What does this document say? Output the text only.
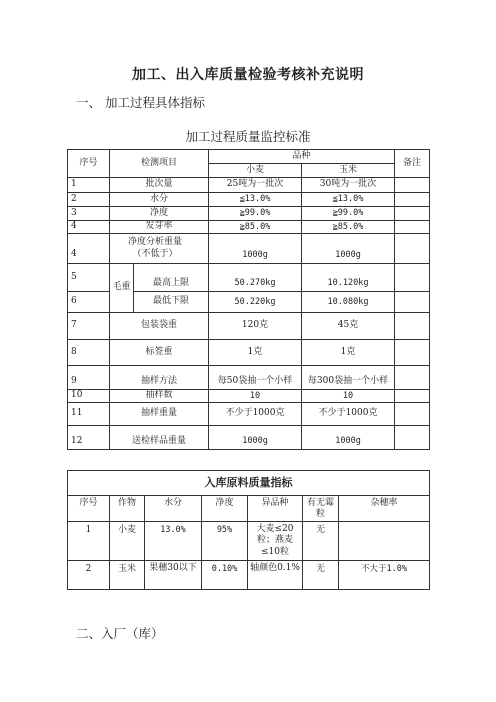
加工、出入库质量检验考核补充说明
一、 加工过程具体指标
加工过程质量监控标准
序号	检测项目		品种		备注
			小麦	玉米	
1	批次量		25吨为一批次	30吨为一批次	
2	水分		≦13.0%	≦13.0%	
3	净度		≧99.0%	≧99.0%	
4	发芽率		≧85.0%	≧85.0%	
4	净度分析重量（不低于）		1000g	1000g	
5	毛重	最高上限	50.270kg	10.120kg	
6		最低下限	50.220kg	10.080kg	
7	包装袋重		120克	45克	
8	标签重		1克	1克	
9	抽样方法		每50袋抽一个小样	每300袋抽一个小样	
10	抽样数		10	10	
11	抽样重量		不少于1000克	不少于1000克	
12	送检样品重量		1000g	1000g	
入库原料质量指标						
序号	作物	水分	净度	异品种	有无霉粒	杂穗率
1	小麦	13.0%	95%	大麦≤20粒；燕麦≤10粒	无	
2	玉米	果穗30以下	0.10%	轴颜色0.1%	无	不大于1.0%
二、入厂（库）
